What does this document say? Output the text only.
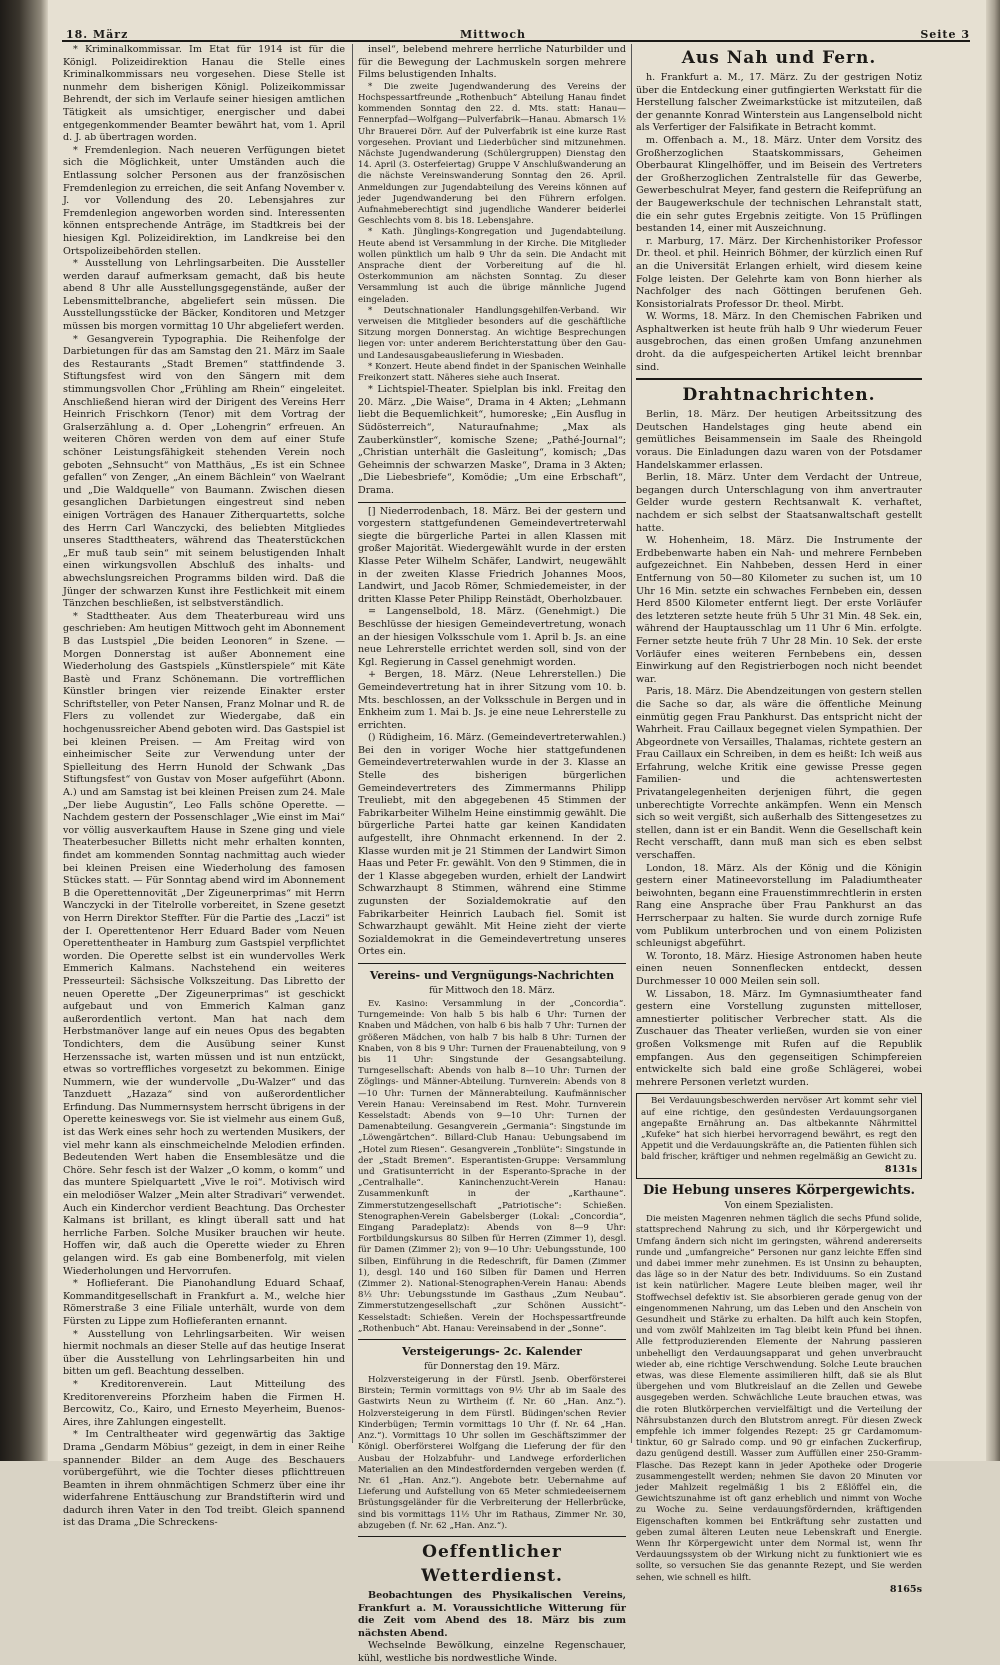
18. März	Mittwoch	Seite 3

* Kriminalkommissar. Im Etat für 1914 ist für die Königl. Polizeidirektion Hanau die Stelle eines Kriminalkommissars neu vorgesehen. Diese Stelle ist nunmehr dem bisherigen Königl. Polizeikommissar Behrendt, der sich im Verlaufe seiner hiesigen amtlichen Tätigkeit als umsichtiger, energischer und dabei entgegenkommender Beamter bewährt hat, vom 1. April d. J. ab übertragen worden.

* Fremdenlegion. Nach neueren Verfügungen bietet sich die Möglichkeit, unter Umständen auch die Entlassung solcher Personen aus der französischen Fremdenlegion zu erreichen, die seit Anfang November v. J. vor Vollendung des 20. Lebensjahres zur Fremdenlegion angeworben worden sind. Interessenten können entsprechende Anträge, im Stadtkreis bei der hiesigen Kgl. Polizeidirektion, im Landkreise bei den Ortspolizeibehörden stellen.

* Ausstellung von Lehrlingsarbeiten. Die Aussteller werden darauf aufmerksam gemacht, daß bis heute abend 8 Uhr alle Ausstellungsgegenstände, außer der Lebensmittelbranche, abgeliefert sein müssen. Die Ausstellungsstücke der Bäcker, Konditoren und Metzger müssen bis morgen vormittag 10 Uhr abgeliefert werden.

* Gesangverein Typographia. Die Reihenfolge der Darbietungen für das am Samstag den 21. März im Saale des Restaurants „Stadt Bremen“ stattfindende 3. Stiftungsfest wird von den Sängern mit dem stimmungsvollen Chor „Frühling am Rhein“ eingeleitet. Anschließend hieran wird der Dirigent des Vereins Herr Heinrich Frischkorn (Tenor) mit dem Vortrag der Gralserzählung a. d. Oper „Lohengrin“ erfreuen. An weiteren Chören werden von dem auf einer Stufe schöner Leistungsfähigkeit stehenden Verein noch geboten „Sehnsucht“ von Matthäus, „Es ist ein Schnee gefallen“ von Zenger, „An einem Bächlein“ von Waelrant und „Die Waldquelle“ von Baumann. Zwischen diesen gesanglichen Darbietungen eingestreut sind neben einigen Vorträgen des Hanauer Zitherquartetts, solche des Herrn Carl Wanczycki, des beliebten Mitgliedes unseres Stadttheaters, während das Theaterstückchen „Er muß taub sein“ mit seinem belustigenden Inhalt einen wirkungsvollen Abschluß des inhalts- und abwechslungsreichen Programms bilden wird. Daß die Jünger der schwarzen Kunst ihre Festlichkeit mit einem Tänzchen beschließen, ist selbstverständlich.

* Stadttheater. Aus dem Theaterbureau wird uns geschrieben: Am heutigen Mittwoch geht im Abonnement B das Lustspiel „Die beiden Leonoren“ in Szene. — Morgen Donnerstag ist außer Abonnement eine Wiederholung des Gastspiels „Künstlerspiele“ mit Käte Bastè und Franz Schönemann. Die vortrefflichen Künstler bringen vier reizende Einakter erster Schriftsteller, von Peter Nansen, Franz Molnar und R. de Flers zu vollendet zur Wiedergabe, daß ein hochgenussreicher Abend geboten wird. Das Gastspiel ist bei kleinen Preisen. — Am Freitag wird von einheimischer Seite zur Verwendung unter der Spielleitung des Herrn Hunold der Schwank „Das Stiftungsfest“ von Gustav von Moser aufgeführt (Abonn. A.) und am Samstag ist bei kleinen Preisen zum 24. Male „Der liebe Augustin“, Leo Falls schöne Operette. — Nachdem gestern der Possenschlager „Wie einst im Mai“ vor völlig ausverkauftem Hause in Szene ging und viele Theaterbesucher Billetts nicht mehr erhalten konnten, findet am kommenden Sonntag nachmittag auch wieder bei kleinen Preisen eine Wiederholung des famosen Stückes statt. — Für Sonntag abend wird im Abonnement B die Operettennovität „Der Zigeunerprimas“ mit Herrn Wanczycki in der Titelrolle vorbereitet, in Szene gesetzt von Herrn Direktor Steffter. Für die Partie des „Laczi“ ist der I. Operettentenor Herr Eduard Bader vom Neuen Operettentheater in Hamburg zum Gastspiel verpflichtet worden. Die Operette selbst ist ein wundervolles Werk Emmerich Kalmans. Nachstehend ein weiteres Presseurteil: Sächsische Volkszeitung. Das Libretto der neuen Operette „Der Zigeunerprimas“ ist geschickt aufgebaut und von Emmerich Kalman ganz außerordentlich vertont. Man hat nach dem Herbstmanöver lange auf ein neues Opus des begabten Tondichters, dem die Ausübung seiner Kunst Herzenssache ist, warten müssen und ist nun entzückt, etwas so vortreffliches vorgesetzt zu bekommen. Einige Nummern, wie der wundervolle „Du-Walzer“ und das Tanzduett „Hazaza“ sind von außerordentlicher Erfindung. Das Nummernsystem herrscht übrigens in der Operette keineswegs vor. Sie ist vielmehr aus einem Guß, ist das Werk eines sehr hoch zu wertenden Musikers, der viel mehr kann als einschmeichelnde Melodien erfinden. Bedeutenden Wert haben die Ensemblesätze und die Chöre. Sehr fesch ist der Walzer „O komm, o komm“ und das muntere Spielquartett „Vive le roi“. Motivisch wird ein melodiöser Walzer „Mein alter Stradivari“ verwendet. Auch ein Kinderchor verdient Beachtung. Das Orchester Kalmans ist brillant, es klingt überall satt und hat herrliche Farben. Solche Musiker brauchen wir heute. Hoffen wir, daß auch die Operette wieder zu Ehren gelangen wird. Es gab eine Bombenerfolg, mit vielen Wiederholungen und Hervorrufen.

* Hoflieferant. Die Pianohandlung Eduard Schaaf, Kommanditgesellschaft in Frankfurt a. M., welche hier Römerstraße 3 eine Filiale unterhält, wurde von dem Fürsten zu Lippe zum Hoflieferanten ernannt.

* Ausstellung von Lehrlingsarbeiten. Wir weisen hiermit nochmals an dieser Stelle auf das heutige Inserat über die Ausstellung von Lehrlingsarbeiten hin und bitten um gefl. Beachtung desselben.

* Kreditorenverein. Laut Mitteilung des Kreditorenvereins Pforzheim haben die Firmen H. Bercowitz, Co., Kairo, und Ernesto Meyerheim, Buenos-Aires, ihre Zahlungen eingestellt.

* Im Centraltheater wird gegenwärtig das 3aktige Drama „Gendarm Möbius“ gezeigt, in dem in einer Reihe spannender Bilder an dem Auge des Beschauers vorübergeführt, wie die Tochter dieses pflichttreuen Beamten in ihrem ohnmächtigen Schmerz über eine ihr widerfahrene Enttäuschung zur Brandstifterin wird und dadurch ihren Vater in den Tod treibt. Gleich spannend ist das Drama „Die Schreckens-

insel“, belebend mehrere herrliche Naturbilder und für die Bewegung der Lachmuskeln sorgen mehrere Films belustigenden Inhalts.

* Die zweite Jugendwanderung des Vereins der Hochspessartfreunde „Rothenbuch“ Abteilung Hanau findet kommenden Sonntag den 22. d. Mts. statt: Hanau—Fennerpfad—Wolfgang—Pulverfabrik—Hanau. Abmarsch 1½ Uhr Brauerei Dörr. Auf der Pulverfabrik ist eine kurze Rast vorgesehen. Proviant und Liederbücher sind mitzunehmen. Nächste Jugendwanderung (Schülergruppen) Dienstag den 14. April (3. Osterfeiertag) Gruppe V Anschlußwanderung an die nächste Vereinswanderung Sonntag den 26. April. Anmeldungen zur Jugendabteilung des Vereins können auf jeder Jugendwanderung bei den Führern erfolgen. Aufnahmeberechtigt sind jugendliche Wanderer beiderlei Geschlechts vom 8. bis 18. Lebensjahre.

* Kath. Jünglings-Kongregation und Jugendabteilung. Heute abend ist Versammlung in der Kirche. Die Mitglieder wollen pünktlich um halb 9 Uhr da sein. Die Andacht mit Ansprache dient der Vorbereitung auf die hl. Osterkommunion am nächsten Sonntag. Zu dieser Versammlung ist auch die übrige männliche Jugend eingeladen.

* Deutschnationaler Handlungsgehilfen-Verband. Wir verweisen die Mitglieder besonders auf die geschäftliche Sitzung morgen Donnerstag. An wichtige Besprechungen liegen vor: unter anderem Berichterstattung über den Gau- und Landesausgabeauslieferung in Wiesbaden.

* Konzert. Heute abend findet in der Spanischen Weinhalle Freikonzert statt. Näheres siehe auch Inserat.

* Lichtspiel-Theater. Spielplan bis inkl. Freitag den 20. März. „Die Waise“, Drama in 4 Akten; „Lehmann liebt die Bequemlichkeit“, humoreske; „Ein Ausflug in Südösterreich“, Naturaufnahme; „Max als Zauberkünstler“, komische Szene; „Pathé-Journal“; „Christian unterhält die Gasleitung“, komisch; „Das Geheimnis der schwarzen Maske“, Drama in 3 Akten; „Die Liebesbriefe“, Komödie; „Um eine Erbschaft“, Drama.

[] Niederrodenbach, 18. März. Bei der gestern und vorgestern stattgefundenen Gemeindevertreterwahl siegte die bürgerliche Partei in allen Klassen mit großer Majorität. Wiedergewählt wurde in der ersten Klasse Peter Wilhelm Schäfer, Landwirt, neugewählt in der zweiten Klasse Friedrich Johannes Moos, Landwirt, und Jacob Römer, Schmiedemeister, in der dritten Klasse Peter Philipp Reinstädt, Oberholzbauer.

= Langenselbold, 18. März. (Genehmigt.) Die Beschlüsse der hiesigen Gemeindevertretung, wonach an der hiesigen Volksschule vom 1. April b. Js. an eine neue Lehrerstelle errichtet werden soll, sind von der Kgl. Regierung in Cassel genehmigt worden.

+ Bergen, 18. März. (Neue Lehrerstellen.) Die Gemeindevertretung hat in ihrer Sitzung vom 10. b. Mts. beschlossen, an der Volksschule in Bergen und in Enkheim zum 1. Mai b. Js. je eine neue Lehrerstelle zu errichten.

() Rüdigheim, 16. März. (Gemeindevertreterwahlen.) Bei den in voriger Woche hier stattgefundenen Gemeindevertreterwahlen wurde in der 3. Klasse an Stelle des bisherigen bürgerlichen Gemeindevertreters des Zimmermanns Philipp Treuliebt, mit den abgegebenen 45 Stimmen der Fabrikarbeiter Wilhelm Heine einstimmig gewählt. Die bürgerliche Partei hatte gar keinen Kandidaten aufgestellt, ihre Ohnmacht erkennend. In der 2. Klasse wurden mit je 21 Stimmen der Landwirt Simon Haas und Peter Fr. gewählt. Von den 9 Stimmen, die in der 1 Klasse abgegeben wurden, erhielt der Landwirt Schwarzhaupt 8 Stimmen, während eine Stimme zugunsten der Sozialdemokratie auf den Fabrikarbeiter Heinrich Laubach fiel. Somit ist Schwarzhaupt gewählt. Mit Heine zieht der vierte Sozialdemokrat in die Gemeindevertretung unseres Ortes ein.

Vereins- und Vergnügungs-Nachrichten
für Mittwoch den 18. März.

Ev. Kasino: Versammlung in der „Concordia“. Turngemeinde: Von halb 5 bis halb 6 Uhr: Turnen der Knaben und Mädchen, von halb 6 bis halb 7 Uhr: Turnen der größeren Mädchen, von halb 7 bis halb 8 Uhr: Turnen der Knaben, von 8 bis 9 Uhr: Turnen der Frauenabteilung, von 9 bis 11 Uhr: Singstunde der Gesangsabteilung. Turngesellschaft: Abends von halb 8—10 Uhr: Turnen der Zöglings- und Männer-Abteilung. Turnverein: Abends von 8—10 Uhr: Turnen der Männerabteilung. Kaufmännischer Verein Hanau: Vereinsabend im Rest. Mohr. Turnverein Kesselstadt: Abends von 9—10 Uhr: Turnen der Damenabteilung. Gesangverein „Germania“: Singstunde im „Löwengärtchen“. Billard-Club Hanau: Uebungsabend im „Hotel zum Riesen“. Gesangverein „Tonblüte“: Singstunde in der „Stadt Bremen“. Esperantisten-Gruppe: Versammlung und Gratisunterricht in der Esperanto-Sprache in der „Centralhalle“. Kaninchenzucht-Verein Hanau: Zusammenkunft in der „Karthaune“. Zimmerstutzengesellschaft „Patriotische“: Schießen. Stenographen-Verein Gabelsberger (Lokal: „Concordia“, Eingang Paradeplatz): Abends von 8—9 Uhr: Fortbildungskursus 80 Silben für Herren (Zimmer 1), desgl. für Damen (Zimmer 2); von 9—10 Uhr: Uebungsstunde, 100 Silben, Einführung in die Redeschrift, für Damen (Zimmer 1), desgl. 140 und 160 Silben für Damen und Herren (Zimmer 2). National-Stenographen-Verein Hanau: Abends 8½ Uhr: Uebungsstunde im Gasthaus „Zum Neubau“. Zimmerstutzengesellschaft „zur Schönen Aussicht“-Kesselstadt: Schießen. Verein der Hochspessartfreunde „Rothenbuch“ Abt. Hanau: Vereinsabend in der „Sonne“.

Versteigerungs- 2c. Kalender
für Donnerstag den 19. März.

Holzversteigerung in der Fürstl. Jsenb. Oberförsterei Birstein; Termin vormittags von 9½ Uhr ab im Saale des Gastwirts Neun zu Wirtheim (f. Nr. 60 „Han. Anz.“). Holzversteigerung in dem Fürstl. Büdingen'schen Revier Kinderbügen; Termin vormittags 10 Uhr (f. Nr. 64 „Han. Anz.“). Vormittags 10 Uhr sollen im Geschäftszimmer der Königl. Oberförsterei Wolfgang die Lieferung der für den Ausbau der Holzabfuhr- und Landwege erforderlichen Materialien an den Mindestfordernden vergeben werden (f. Nr. 61 „Han. Anz.“). Angebote betr. Uebernahme auf Lieferung und Aufstellung von 65 Meter schmiedeeisernem Brüstungsgeländer für die Verbreiterung der Hellerbrücke, sind bis vormittags 11½ Uhr im Rathaus, Zimmer Nr. 30, abzugeben (f. Nr. 62 „Han. Anz.“).

Oeffentlicher Wetterdienst.

Beobachtungen des Physikalischen Vereins, Frankfurt a. M. Voraussichtliche Witterung für die Zeit vom Abend des 18. März bis zum nächsten Abend.

Wechselnde Bewölkung, einzelne Regenschauer, kühl, westliche bis nordwestliche Winde.

Aus Nah und Fern.

h. Frankfurt a. M., 17. März. Zu der gestrigen Notiz über die Entdeckung einer gutfingierten Werkstatt für die Herstellung falscher Zweimarkstücke ist mitzuteilen, daß der genannte Konrad Winterstein aus Langenselbold nicht als Verfertiger der Falsifikate in Betracht kommt.

m. Offenbach a. M., 18. März. Unter dem Vorsitz des Großherzoglichen Staatskommissars, Geheimen Oberbaurat Klingelhöffer, und im Beisein des Vertreters der Großherzoglichen Zentralstelle für das Gewerbe, Gewerbeschulrat Meyer, fand gestern die Reifeprüfung an der Baugewerkschule der technischen Lehranstalt statt, die ein sehr gutes Ergebnis zeitigte. Von 15 Prüflingen bestanden 14, einer mit Auszeichnung.

r. Marburg, 17. März. Der Kirchenhistoriker Professor Dr. theol. et phil. Heinrich Böhmer, der kürzlich einen Ruf an die Universität Erlangen erhielt, wird diesem keine Folge leisten. Der Gelehrte kam von Bonn hierher als Nachfolger des nach Göttingen berufenen Geh. Konsistorialrats Professor Dr. theol. Mirbt.

W. Worms, 18. März. In den Chemischen Fabriken und Asphaltwerken ist heute früh halb 9 Uhr wiederum Feuer ausgebrochen, das einen großen Umfang anzunehmen droht. da die aufgespeicherten Artikel leicht brennbar sind.

Drahtnachrichten.

Berlin, 18. März. Der heutigen Arbeitssitzung des Deutschen Handelstages ging heute abend ein gemütliches Beisammensein im Saale des Rheingold voraus. Die Einladungen dazu waren von der Potsdamer Handelskammer erlassen.

Berlin, 18. März. Unter dem Verdacht der Untreue, begangen durch Unterschlagung von ihm anvertrauter Gelder wurde gestern Rechtsanwalt K. verhaftet, nachdem er sich selbst der Staatsanwaltschaft gestellt hatte.

W. Hohenheim, 18. März. Die Instrumente der Erdbebenwarte haben ein Nah- und mehrere Fernbeben aufgezeichnet. Ein Nahbeben, dessen Herd in einer Entfernung von 50—80 Kilometer zu suchen ist, um 10 Uhr 16 Min. setzte ein schwaches Fernbeben ein, dessen Herd 8500 Kilometer entfernt liegt. Der erste Vorläufer des letzteren setzte heute früh 5 Uhr 31 Min. 48 Sek. ein, während der Hauptausschlag um 11 Uhr 6 Min. erfolgte. Ferner setzte heute früh 7 Uhr 28 Min. 10 Sek. der erste Vorläufer eines weiteren Fernbebens ein, dessen Einwirkung auf den Registrierbogen noch nicht beendet war.

Paris, 18. März. Die Abendzeitungen von gestern stellen die Sache so dar, als wäre die öffentliche Meinung einmütig gegen Frau Pankhurst. Das entspricht nicht der Wahrheit. Frau Caillaux begegnet vielen Sympathien. Der Abgeordnete von Versailles, Thalamas, richtete gestern an Frau Caillaux ein Schreiben, in dem es heißt: Ich weiß aus Erfahrung, welche Kritik eine gewisse Presse gegen Familien- und die achtenswertesten Privatangelegenheiten derjenigen führt, die gegen unberechtigte Vorrechte ankämpfen. Wenn ein Mensch sich so weit vergißt, sich außerhalb des Sittengesetzes zu stellen, dann ist er ein Bandit. Wenn die Gesellschaft kein Recht verschafft, dann muß man sich es eben selbst verschaffen.

London, 18. März. Als der König und die Königin gestern einer Matineevorstellung im Paladiumtheater beiwohnten, begann eine Frauenstimmrechtlerin in ersten Rang eine Ansprache über Frau Pankhurst an das Herrscherpaar zu halten. Sie wurde durch zornige Rufe vom Publikum unterbrochen und von einem Polizisten schleunigst abgeführt.

W. Toronto, 18. März. Hiesige Astronomen haben heute einen neuen Sonnenflecken entdeckt, dessen Durchmesser 10 000 Meilen sein soll.

W. Lissabon, 18. März. Im Gymnasiumtheater fand gestern eine Vorstellung zugunsten mittelloser, amnestierter politischer Verbrecher statt. Als die Zuschauer das Theater verließen, wurden sie von einer großen Volksmenge mit Rufen auf die Republik empfangen. Aus den gegenseitigen Schimpfereien entwickelte sich bald eine große Schlägerei, wobei mehrere Personen verletzt wurden.

Bei Verdauungsbeschwerden nervöser Art kommt sehr viel auf eine richtige, den gesündesten Verdauungsorganen angepaßte Ernährung an. Das altbekannte Nährmittel „Kufeke“ hat sich hierbei hervorragend bewährt, es regt den Appetit und die Verdauungskräfte an, die Patienten fühlen sich bald frischer, kräftiger und nehmen regelmäßig an Gewicht zu.

8131s
Die Hebung unseres Körpergewichts.
Von einem Spezialisten.

Die meisten Magenren nehmen täglich die sechs Pfund solide, stattsprechend Nahrung zu sich, und ihr Körpergewicht und Umfang ändern sich nicht im geringsten, während andererseits runde und „umfangreiche“ Personen nur ganz leichte Effen sind und dabei immer mehr zunehmen. Es ist Unsinn zu behaupten, das läge so in der Natur des betr. Individuums. So ein Zustand ist kein natürlicher. Magere Leute bleiben mager, weil ihr Stoffwechsel defektiv ist. Sie absorbieren gerade genug von der eingenommenen Nahrung, um das Leben und den Anschein von Gesundheit und Stärke zu erhalten. Da hilft auch kein Stopfen, und vom zwölf Mahlzeiten im Tag bleibt kein Pfund bei ihnen. Alle fettproduzierenden Elemente der Nahrung passieren unbehelligt den Verdauungsapparat und gehen unverbraucht wieder ab, eine richtige Verschwendung. Solche Leute brauchen etwas, was diese Elemente assimilieren hilft, daß sie als Blut übergehen und vom Blutkreislauf an die Zellen und Gewebe ausgegeben werden. Schwächliche Leute brauchen etwas, was die roten Blutkörperchen vervielfältigt und die Verteilung der Nährsubstanzen durch den Blutstrom anregt. Für diesen Zweck empfehle ich immer folgendes Rezept: 25 gr Cardamomum-tinktur, 60 gr Salrado comp. und 90 gr einfachen Zuckerfirup, dazu genügend destill. Wasser zum Auffüllen einer 250-Gramm-Flasche. Das Rezept kann in jeder Apotheke oder Drogerie zusammengestellt werden; nehmen Sie davon 20 Minuten vor jeder Mahlzeit regelmäßig 1 bis 2 Eßlöffel ein, die Gewichtszunahme ist oft ganz erheblich und nimmt von Woche zu Woche zu. Seine verdauungsfördernden, kräftigenden Eigenschaften kommen bei Entkräftung sehr zustatten und geben zumal älteren Leuten neue Lebenskraft und Energie. Wenn Ihr Körpergewicht unter dem Normal ist, wenn Ihr Verdauungssystem ob der Wirkung nicht zu funktioniert wie es sollte, so versuchen Sie das genannte Rezept, und Sie werden sehen, wie schnell es hilft.

8165s
